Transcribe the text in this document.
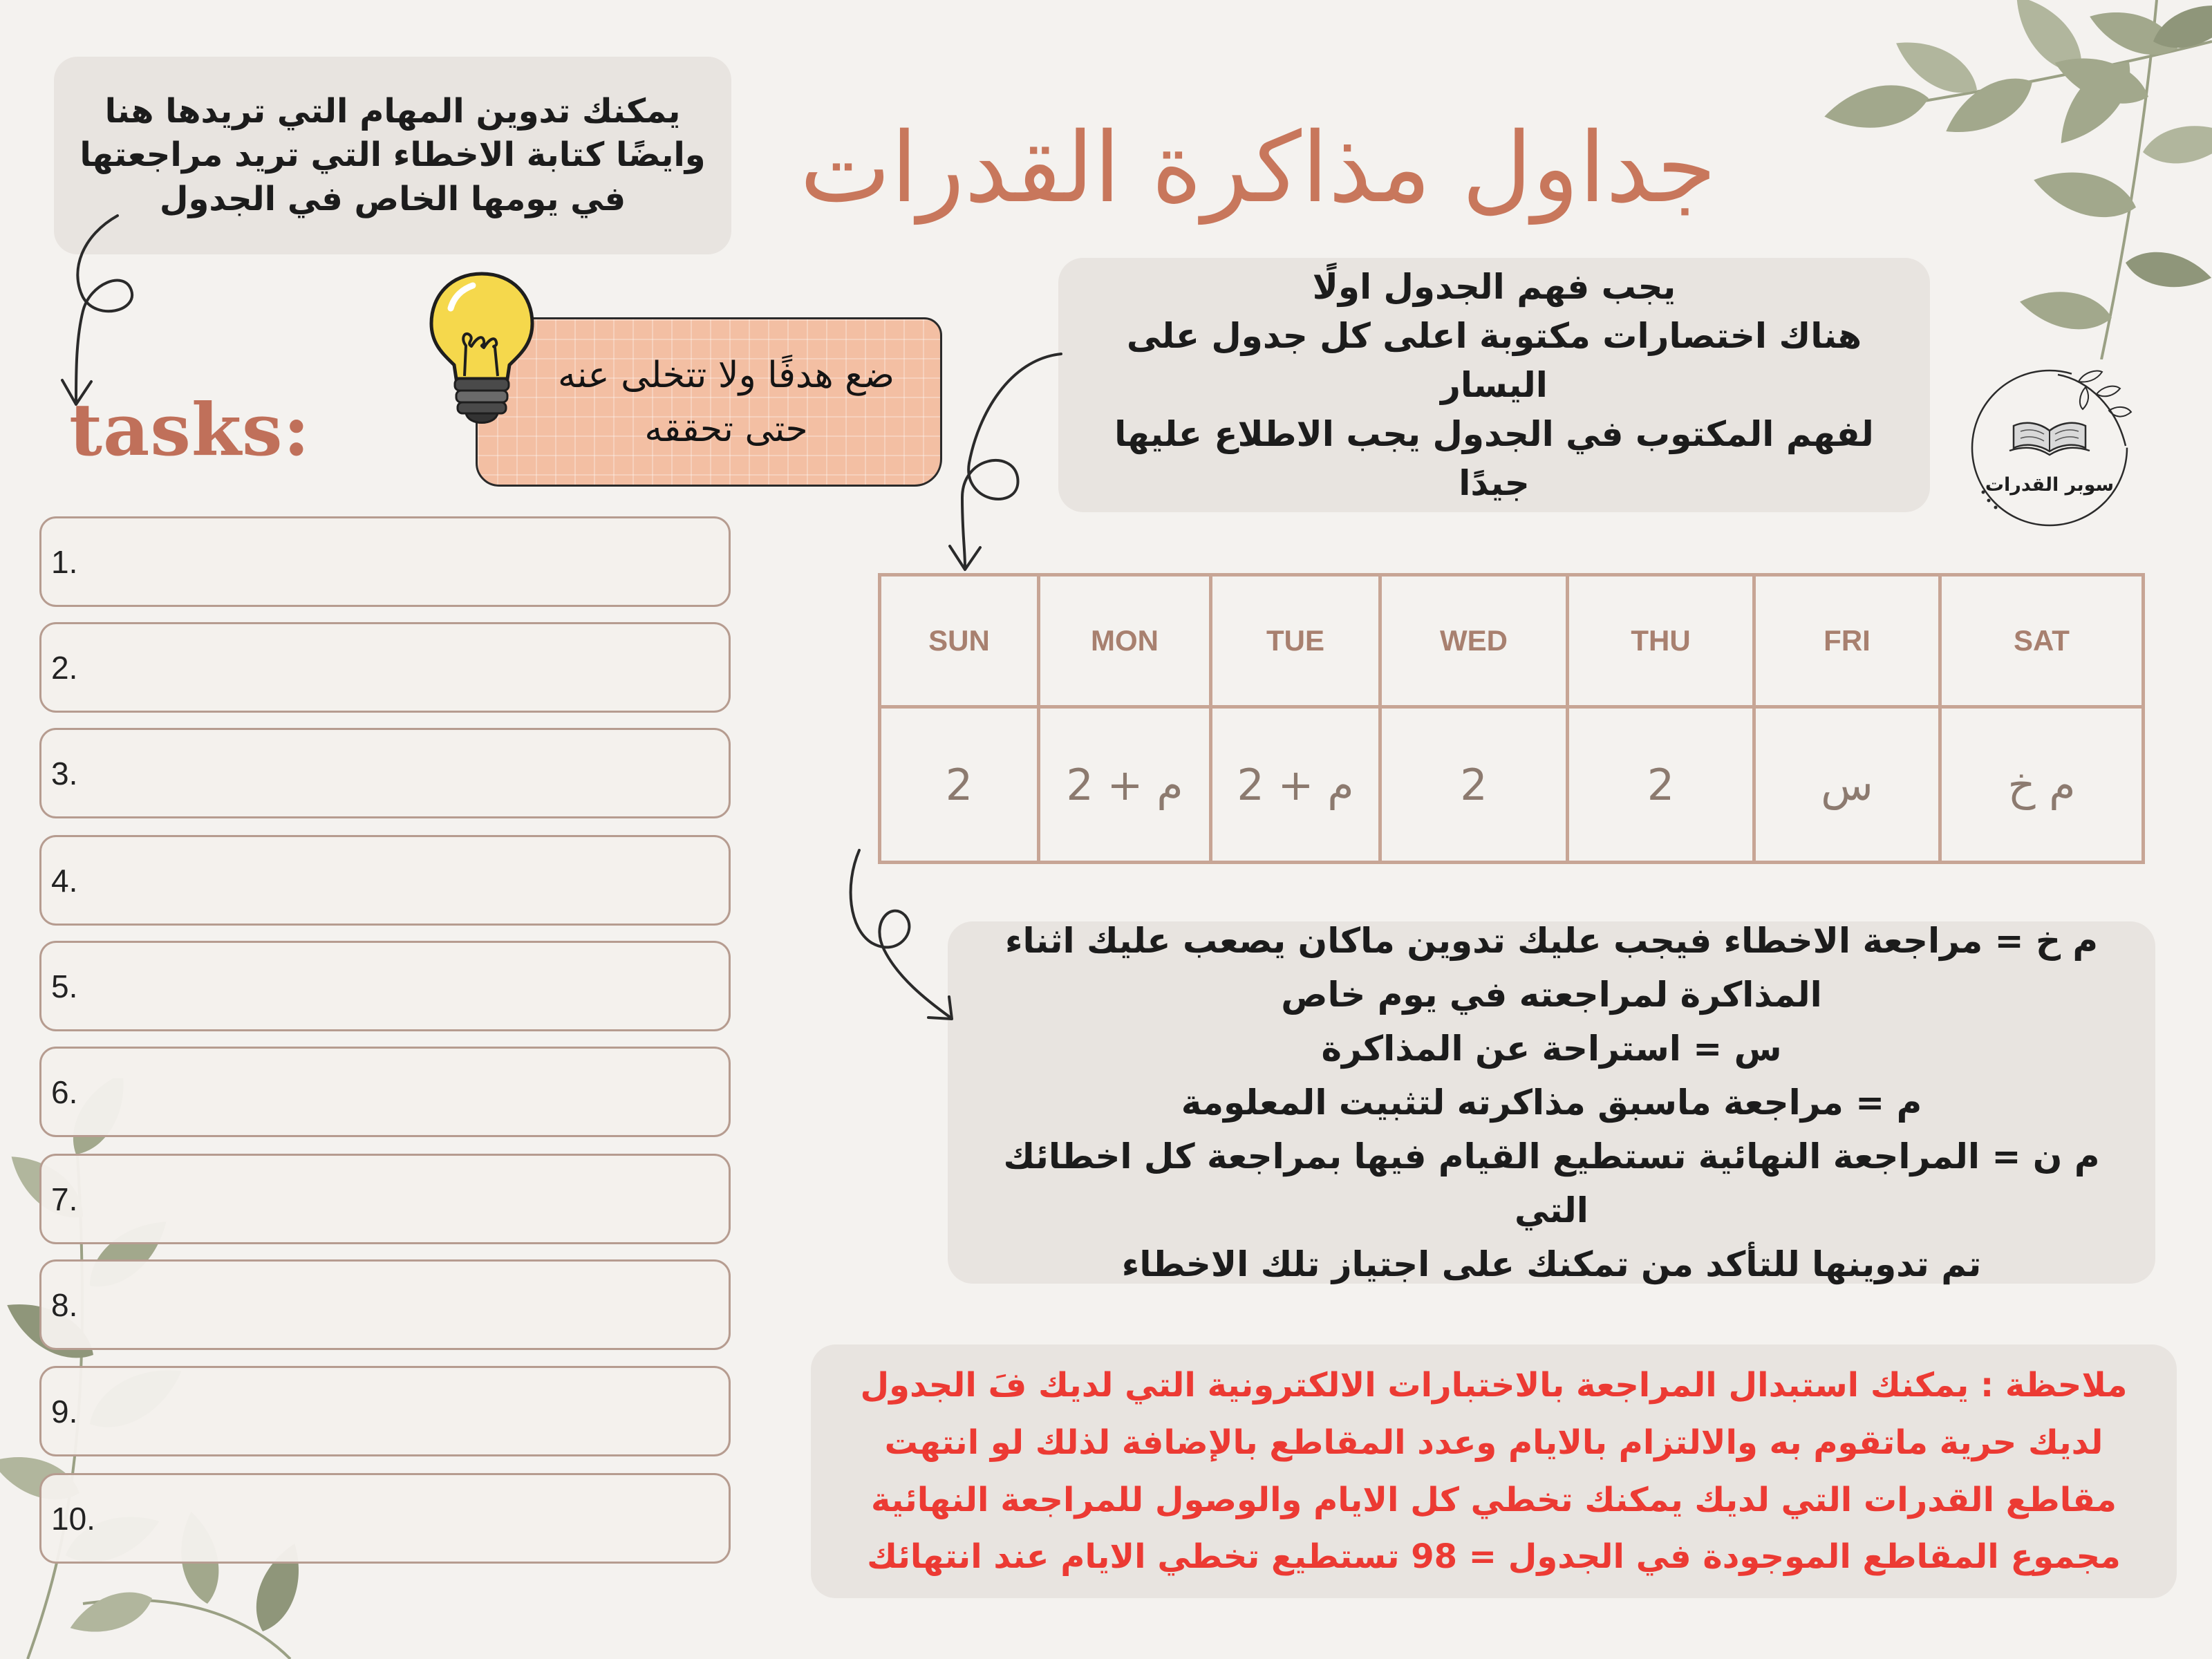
جداول مذاكرة القدرات
يمكنك تدوين المهام التي تريدها هنا
وايضًا كتابة الاخطاء التي تريد مراجعتها
في يومها الخاص في الجدول
tasks:
ضع هدفًا ولا تتخلى عنه
حتى تحققه
يجب فهم الجدول اولًا
هناك اختصارات مكتوبة اعلى كل جدول على اليسار
لفهم المكتوب في الجدول يجب الاطلاع عليها جيدًا	سوبر القدرات
SUN	MON	TUE	WED	THU	FRI	SAT
2	م + 2	م + 2	2	2	س	م خ
م خ = مراجعة الاخطاء فيجب عليك تدوين ماكان يصعب عليك اثناء
المذاكرة لمراجعته في يوم خاص
س = استراحة عن المذاكرة
م = مراجعة ماسبق مذاكرته لتثبيت المعلومة
م ن = المراجعة النهائية تستطيع القيام فيها بمراجعة كل اخطائك التي
تم تدوينها للتأكد من تمكنك على اجتياز تلك الاخطاء
ملاحظة : يمكنك استبدال المراجعة بالاختبارات الالكترونية التي لديك فَ الجدول
لديك حرية ماتقوم به والالتزام بالايام وعدد المقاطع بالإضافة لذلك لو انتهت
مقاطع القدرات التي لديك يمكنك تخطي كل الايام والوصول للمراجعة النهائية
مجموع المقاطع الموجودة في الجدول = 98 تستطيع تخطي الايام عند انتهائك
1.
2.
3.
4.
5.
6.
7.
8.
9.
10.
